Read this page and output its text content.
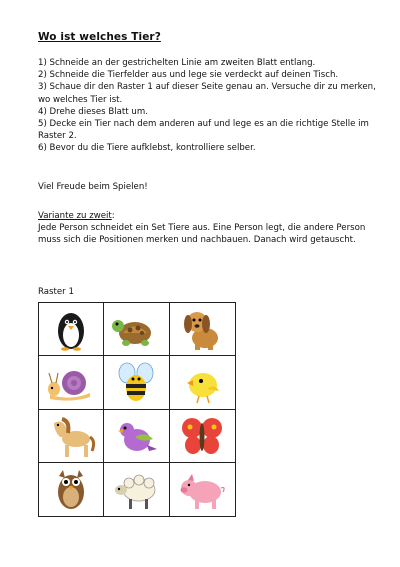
Wo ist welches Tier?
1) Schneide an der gestrichelten Linie am zweiten Blatt entlang.
2) Schneide die Tierfelder aus und lege sie verdeckt auf deinen Tisch.
3) Schaue dir den Raster 1 auf dieser Seite genau an. Versuche dir zu merken, wo welches Tier ist.
4) Drehe dieses Blatt um.
5) Decke ein Tier nach dem anderen auf und lege es an die richtige Stelle im Raster 2.
6) Bevor du die Tiere aufklebst, kontrolliere selber.
Viel Freude beim Spielen!
Variante zu zweit:
Jede Person schneidet ein Set Tiere aus. Eine Person legt, die andere Person muss sich die Positionen merken und nachbauen. Danach wird getauscht.
Raster 1
